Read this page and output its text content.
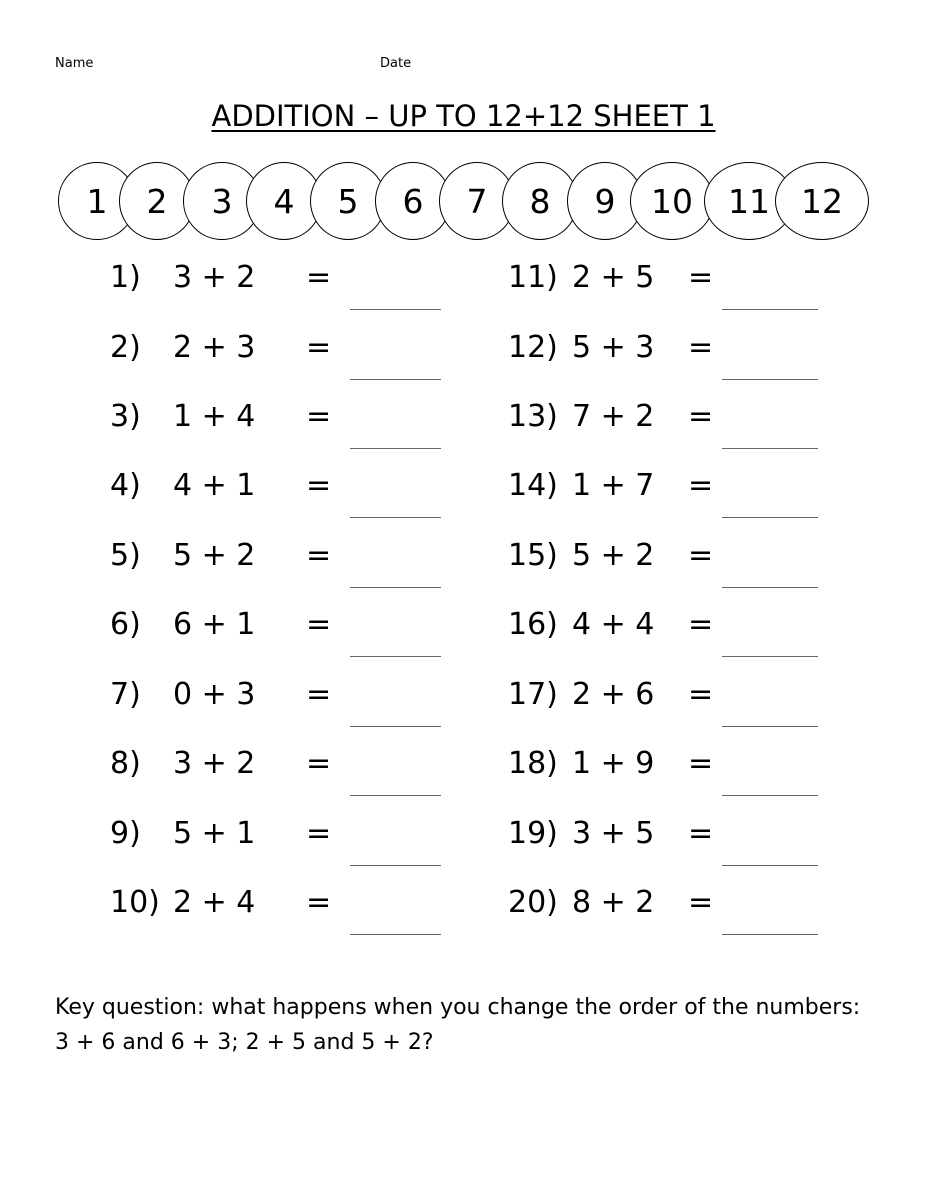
Name	Date
ADDITION – UP TO 12+12 SHEET 1
1	2	3	4	5	6	7	8	9	10	11 12
1) 3 + 2 =
2) 2 + 3 =
3) 1 + 4 =
4) 4 + 1 =
5) 5 + 2 =
6) 6 + 1 =
7) 0 + 3 =
8) 3 + 2 =
9) 5 + 1 =
10) 2 + 4 =
11) 2 + 5 =
12) 5 + 3 =
13) 7 + 2 =
14) 1 + 7 =
15) 5 + 2 =
16) 4 + 4 =
17) 2 + 6 =
18) 1 + 9 =
19) 3 + 5 =
20) 8 + 2 =
Key question: what happens when you change the order of the numbers:
3 + 6 and 6 + 3; 2 + 5 and 5 + 2?
